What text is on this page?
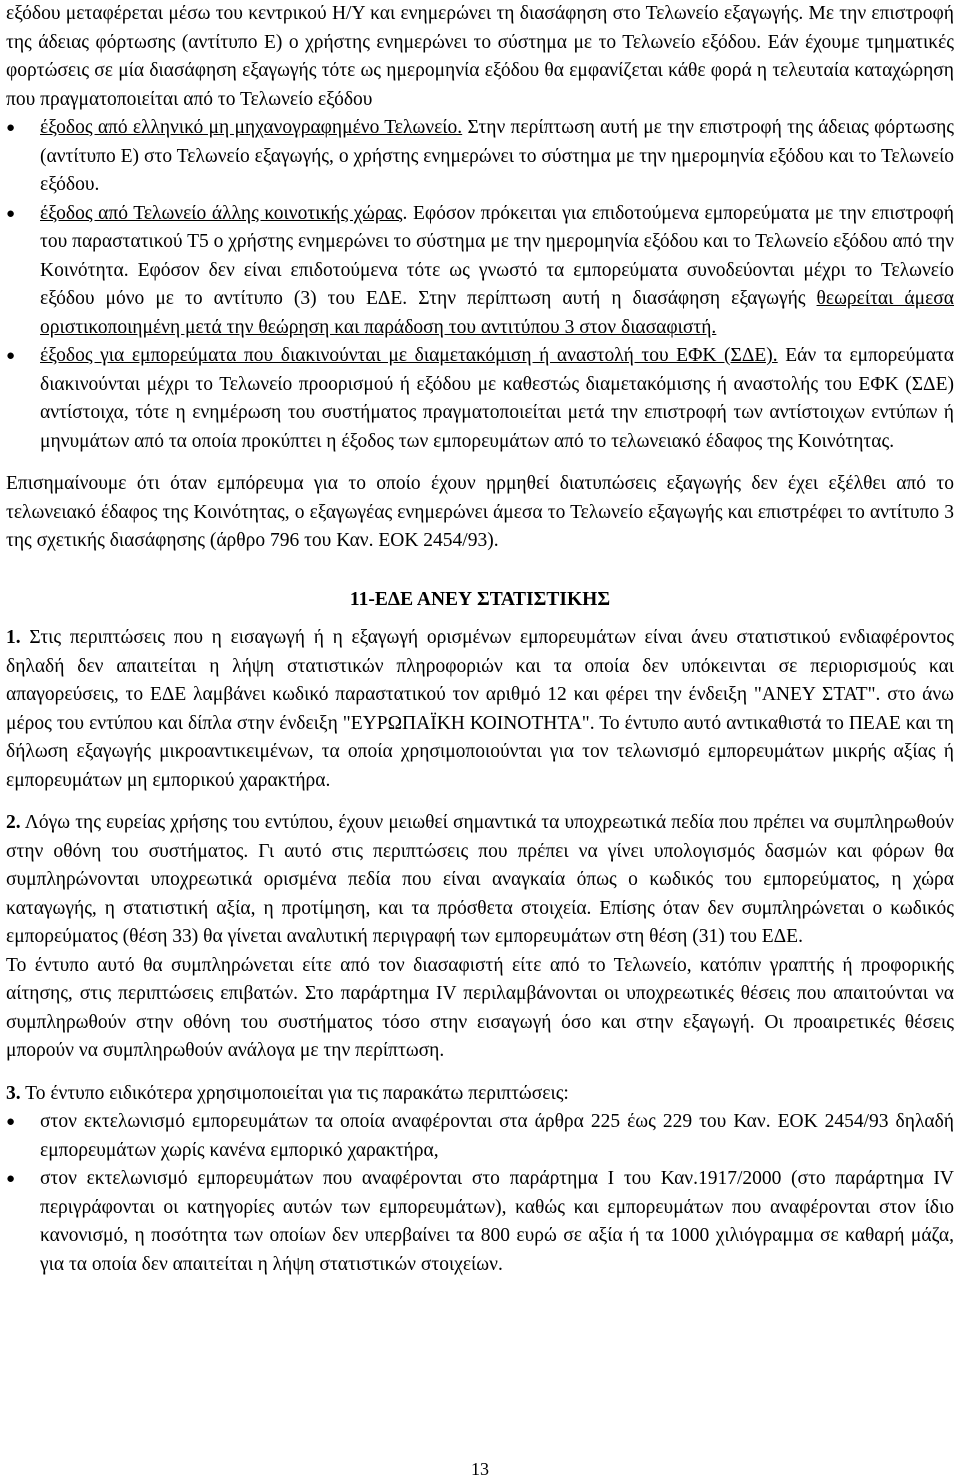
εξόδου μεταφέρεται μέσω του κεντρικού Η/Υ και ενημερώνει τη διασάφηση στο Τελωνείο εξαγωγής. Με την επιστροφή της άδειας φόρτωσης (αντίτυπο Ε) ο χρήστης ενημερώνει το σύστημα με το Τελωνείο εξόδου. Εάν έχουμε τμηματικές φορτώσεις σε μία διασάφηση εξαγωγής τότε ως ημερομηνία εξόδου θα εμφανίζεται κάθε φορά η τελευταία καταχώρηση που πραγματοποιείται από το Τελωνείο εξόδου

● έξοδος από ελληνικό μη μηχανογραφημένο Τελωνείο. Στην περίπτωση αυτή με την επιστροφή της άδειας φόρτωσης (αντίτυπο Ε) στο Τελωνείο εξαγωγής, ο χρήστης ενημερώνει το σύστημα με την ημερομηνία εξόδου και το Τελωνείο εξόδου.
● έξοδος από Τελωνείο άλλης κοινοτικής χώρας. Εφόσον πρόκειται για επιδοτούμενα εμπορεύματα με την επιστροφή του παραστατικού Τ5 ο χρήστης ενημερώνει το σύστημα με την ημερομηνία εξόδου και το Τελωνείο εξόδου από την Κοινότητα. Εφόσον δεν είναι επιδοτούμενα τότε ως γνωστό τα εμπορεύματα συνοδεύονται μέχρι το Τελωνείο εξόδου μόνο με το αντίτυπο (3) του ΕΔΕ. Στην περίπτωση αυτή η διασάφηση εξαγωγής θεωρείται άμεσα οριστικοποιημένη μετά την θεώρηση και παράδοση του αντιτύπου 3 στον διασαφιστή.
● έξοδος για εμπορεύματα που διακινούνται με διαμετακόμιση ή αναστολή του ΕΦΚ (ΣΔΕ). Εάν τα εμπορεύματα διακινούνται μέχρι το Τελωνείο προορισμού ή εξόδου με καθεστώς διαμετακόμισης ή αναστολής του ΕΦΚ (ΣΔΕ) αντίστοιχα, τότε η ενημέρωση του συστήματος πραγματοποιείται μετά την επιστροφή των αντίστοιχων εντύπων ή μηνυμάτων από τα οποία προκύπτει η έξοδος των εμπορευμάτων από το τελωνειακό έδαφος της Κοινότητας.

Επισημαίνουμε ότι όταν εμπόρευμα για το οποίο έχουν ηρμηθεί διατυπώσεις εξαγωγής δεν έχει εξέλθει από το τελωνειακό έδαφος της Κοινότητας, ο εξαγωγέας ενημερώνει άμεσα το Τελωνείο εξαγωγής και επιστρέφει το αντίτυπο 3 της σχετικής διασάφησης (άρθρο 796 του Καν. ΕΟΚ 2454/93).

11-ΕΔΕ ΑΝΕΥ ΣΤΑΤΙΣΤΙΚΗΣ

1. Στις περιπτώσεις που η εισαγωγή ή η εξαγωγή ορισμένων εμπορευμάτων είναι άνευ στατιστικού ενδιαφέροντος δηλαδή δεν απαιτείται η λήψη στατιστικών πληροφοριών και τα οποία δεν υπόκεινται σε περιορισμούς και απαγορεύσεις, το ΕΔΕ λαμβάνει κωδικό παραστατικού τον αριθμό 12 και φέρει την ένδειξη "ΑΝΕΥ ΣΤΑΤ". στο άνω μέρος του εντύπου και δίπλα στην ένδειξη "ΕΥΡΩΠΑΪΚΗ ΚΟΙΝΟΤΗΤΑ". Το έντυπο αυτό αντικαθιστά το ΠΕΑΕ και τη δήλωση εξαγωγής μικροαντικειμένων, τα οποία χρησιμοποιούνται για τον τελωνισμό εμπορευμάτων μικρής αξίας ή εμπορευμάτων μη εμπορικού χαρακτήρα.

2. Λόγω της ευρείας χρήσης του εντύπου, έχουν μειωθεί σημαντικά τα υποχρεωτικά πεδία που πρέπει να συμπληρωθούν στην οθόνη του συστήματος. Γι αυτό στις περιπτώσεις που πρέπει να γίνει υπολογισμός δασμών και φόρων θα συμπληρώνονται υποχρεωτικά ορισμένα πεδία που είναι αναγκαία όπως ο κωδικός του εμπορεύματος, η χώρα καταγωγής, η στατιστική αξία, η προτίμηση, και τα πρόσθετα στοιχεία. Επίσης όταν δεν συμπληρώνεται ο κωδικός εμπορεύματος (θέση 33) θα γίνεται αναλυτική περιγραφή των εμπορευμάτων στη θέση (31) του ΕΔΕ.

Το έντυπο αυτό θα συμπληρώνεται είτε από τον διασαφιστή είτε από το Τελωνείο, κατόπιν γραπτής ή προφορικής αίτησης, στις περιπτώσεις επιβατών. Στο παράρτημα IV περιλαμβάνονται οι υποχρεωτικές θέσεις που απαιτούνται να συμπληρωθούν στην οθόνη του συστήματος τόσο στην εισαγωγή όσο και στην εξαγωγή. Οι προαιρετικές θέσεις μπορούν να συμπληρωθούν ανάλογα με την περίπτωση.

3. Το έντυπο ειδικότερα χρησιμοποιείται για τις παρακάτω περιπτώσεις:

● στον εκτελωνισμό εμπορευμάτων τα οποία αναφέρονται στα άρθρα 225 έως 229 του Καν. ΕΟΚ 2454/93 δηλαδή εμπορευμάτων χωρίς κανένα εμπορικό χαρακτήρα,
● στον εκτελωνισμό εμπορευμάτων που αναφέρονται στο παράρτημα Ι του Καν.1917/2000 (στο παράρτημα IV περιγράφονται οι κατηγορίες αυτών των εμπορευμάτων), καθώς και εμπορευμάτων που αναφέρονται στον ίδιο κανονισμό, η ποσότητα των οποίων δεν υπερβαίνει τα 800 ευρώ σε αξία ή τα 1000 χιλιόγραμμα σε καθαρή μάζα, για τα οποία δεν απαιτείται η λήψη στατιστικών στοιχείων.
13
